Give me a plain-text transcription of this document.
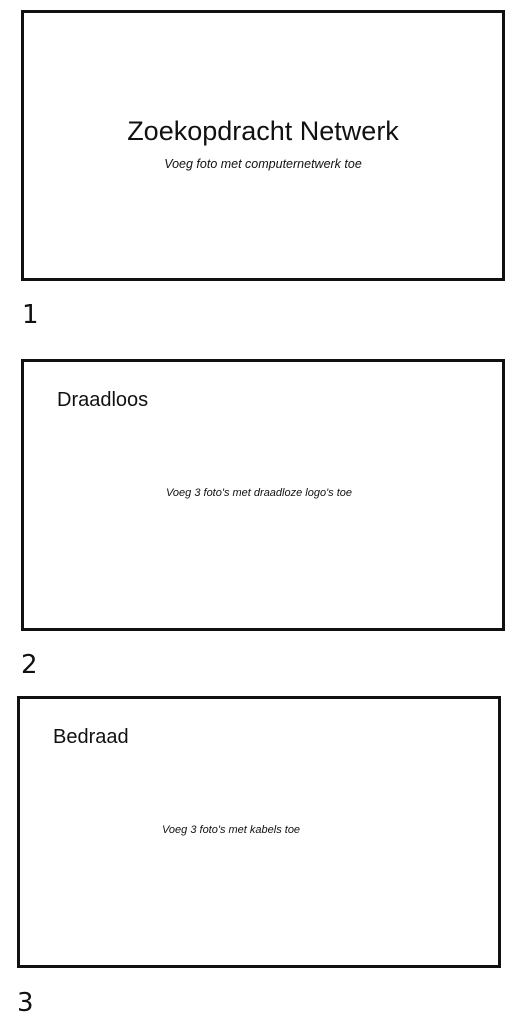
Zoekopdracht Netwerk
Voeg foto met computernetwerk toe
1
Draadloos
Voeg 3 foto's met draadloze logo's toe
2
Bedraad
Voeg 3 foto's met kabels toe
3
